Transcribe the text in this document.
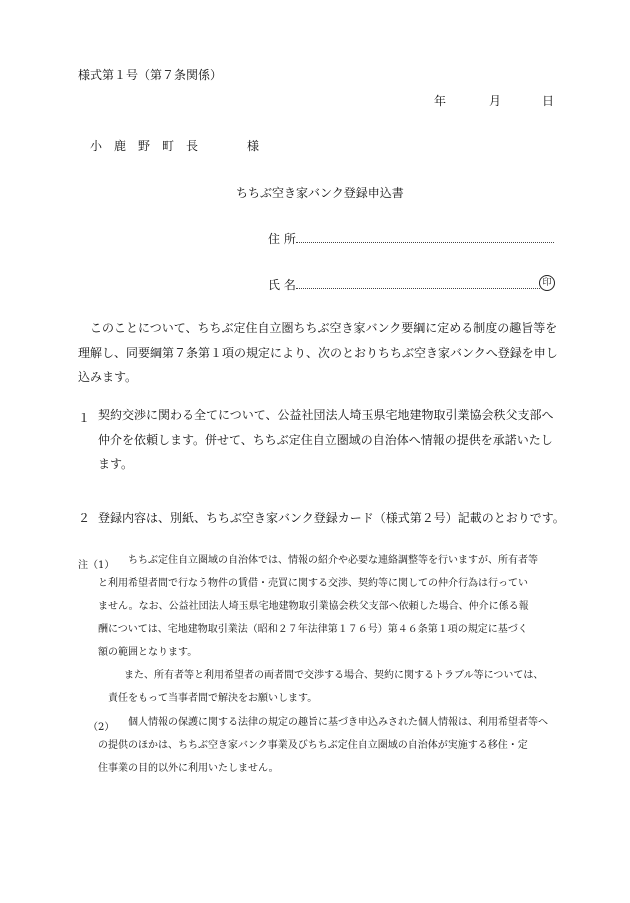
様式第１号（第７条関係）
年	月	日
小　鹿　野　町　長	様
ちちぶ空き家バンク登録申込書
住 所
氏 名	印
　このことについて、ちちぶ定住自立圏ちちぶ空き家バンク要綱に定める制度の趣旨等を
理解し、同要綱第７条第１項の規定により、次のとおりちちぶ空き家バンクへ登録を申し
込みます。
１ 契約交渉に関わる全てについて、公益社団法人埼玉県宅地建物取引業協会秩父支部へ
仲介を依頼します。併せて、ちちぶ定住自立圏域の自治体へ情報の提供を承諾いたし
ます。
２ 登録内容は、別紙、ちちぶ空き家バンク登録カード（様式第２号）記載のとおりです。
注（1） ちちぶ定住自立圏域の自治体では、情報の紹介や必要な連絡調整等を行いますが、所有者等
と利用希望者間で行なう物件の賃借・売買に関する交渉、契約等に関しての仲介行為は行ってい
ません。なお、公益社団法人埼玉県宅地建物取引業協会秩父支部へ依頼した場合、仲介に係る報
酬については、宅地建物取引業法（昭和２７年法律第１７６号）第４６条第１項の規定に基づく
額の範囲となります。
また、所有者等と利用希望者の両者間で交渉する場合、契約に関するトラブル等については、
責任をもって当事者間で解決をお願いします。
（2） 個人情報の保護に関する法律の規定の趣旨に基づき申込みされた個人情報は、利用希望者等へ
の提供のほかは、ちちぶ空き家バンク事業及びちちぶ定住自立圏域の自治体が実施する移住・定
住事業の目的以外に利用いたしません。
